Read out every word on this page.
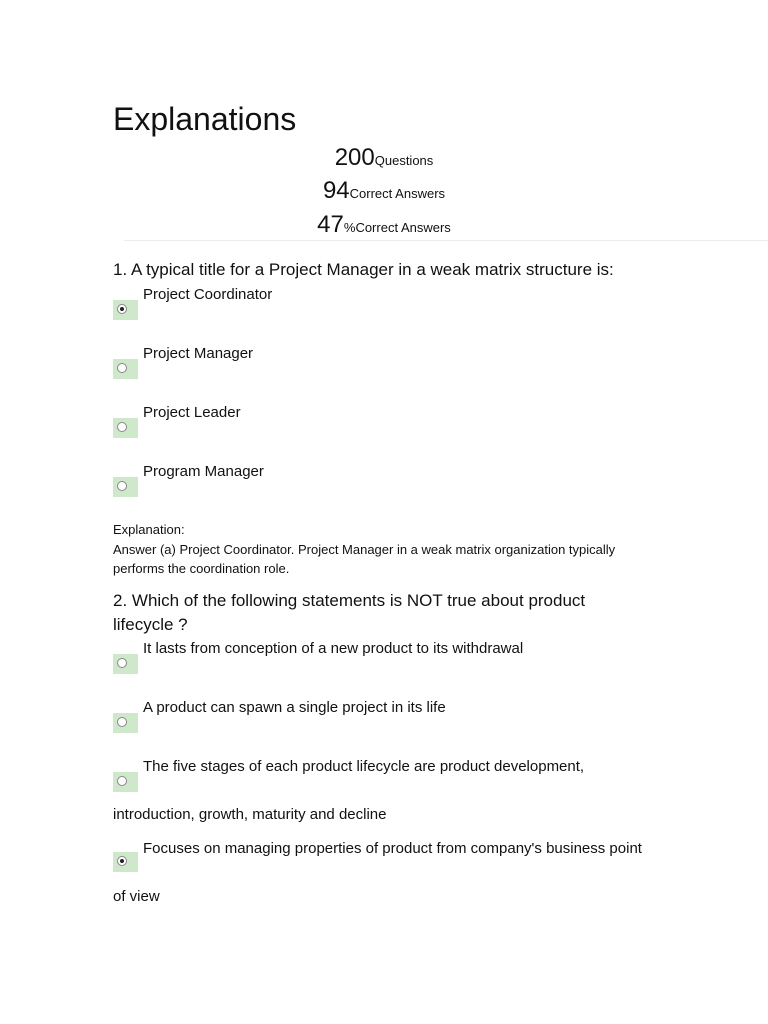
Explanations
200Questions
94Correct Answers
47%Correct Answers

1. A typical title for a Project Manager in a weak matrix structure is:

Project Coordinator
Project Manager
Project Leader
Program Manager
Explanation:
Answer (a) Project Coordinator. Project Manager in a weak matrix organization typically performs the coordination role.

2. Which of the following statements is NOT true about product lifecycle ?

It lasts from conception of a new product to its withdrawal
A product can spawn a single project in its life
The five stages of each product lifecycle are product development,
introduction, growth, maturity and decline
Focuses on managing properties of product from company's business point
of view
